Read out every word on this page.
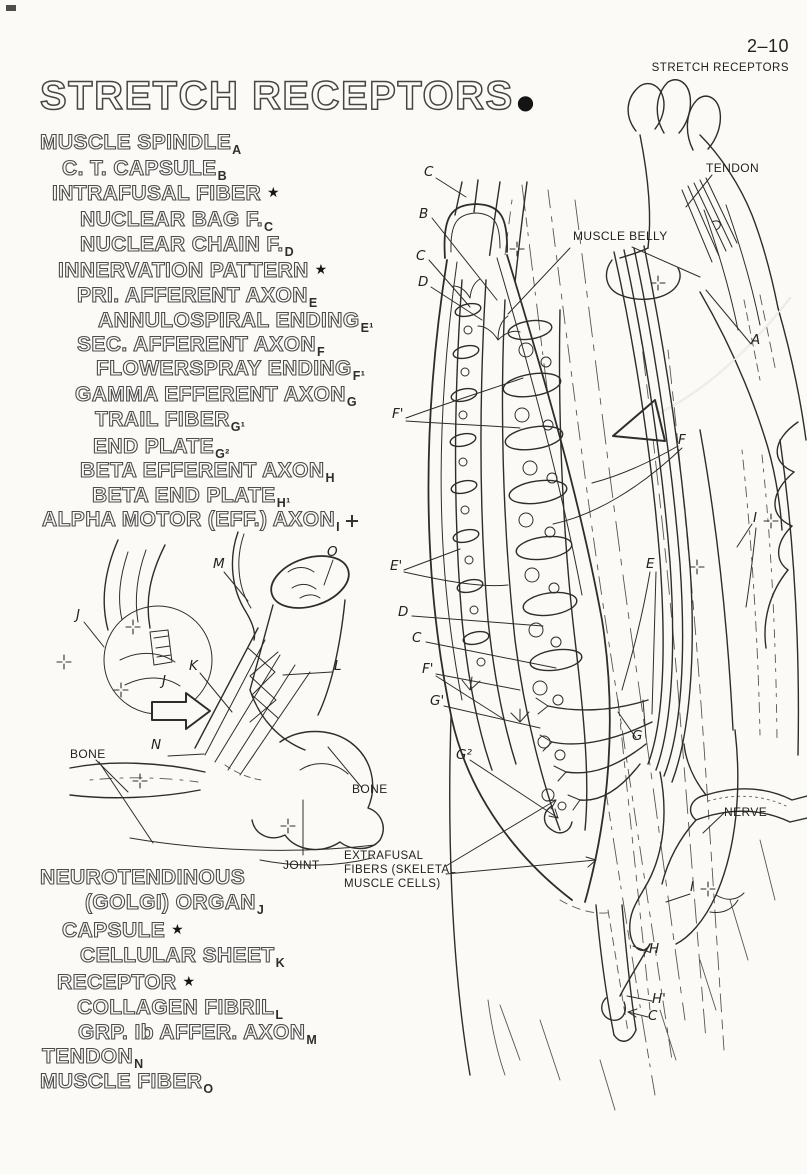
2–10
STRETCH RECEPTORS
STRETCH RECEPTORS ●
MUSCLE $SPINDLE_A$
C. T. $CAPSULE_B$
INTRAFUSAL FIBER ★
NUCLEAR BAG $F._C$
NUCLEAR CHAIN $F._D$
INNERVATION PATTERN ★
PRI. AFFERENT $AXON_E$
ANNULOSPIRAL $ENDING_{E^1}$
SEC. AFFERENT $AXON_F$
FLOWERSPRAY $ENDING_{F^1}$
GAMMA EFFERENT $AXON_G$
TRAIL $FIBER_{G^1}$
END $PLATE_{G^2}$
BETA EFFERENT $AXON_H$
BETA END $PLATE_{H^1}$
ALPHA MOTOR (EFF.) $AXON_I$
NEUROTENDINOUS
(GOLGI) $ORGAN_J$
CAPSULE ★
CELLULAR $SHEET_K$
RECEPTOR ★
COLLAGEN $FIBRIL_L$
GRP. Ib AFFER. $AXON_M$
$TENDON_N$
MUSCLE $FIBER_O$
TENDON
MUSCLE BELLY
NERVE
JOINT
BONE
BONE
EXTRAFUSAL
FIBERS (SKELETAL
MUSCLE CELLS)
C
B
C
D
F'
E'
D
C
F'
G'
G²
G
E
F
I
A
H
H'
C
I
J
J
M
O
K	L
N
